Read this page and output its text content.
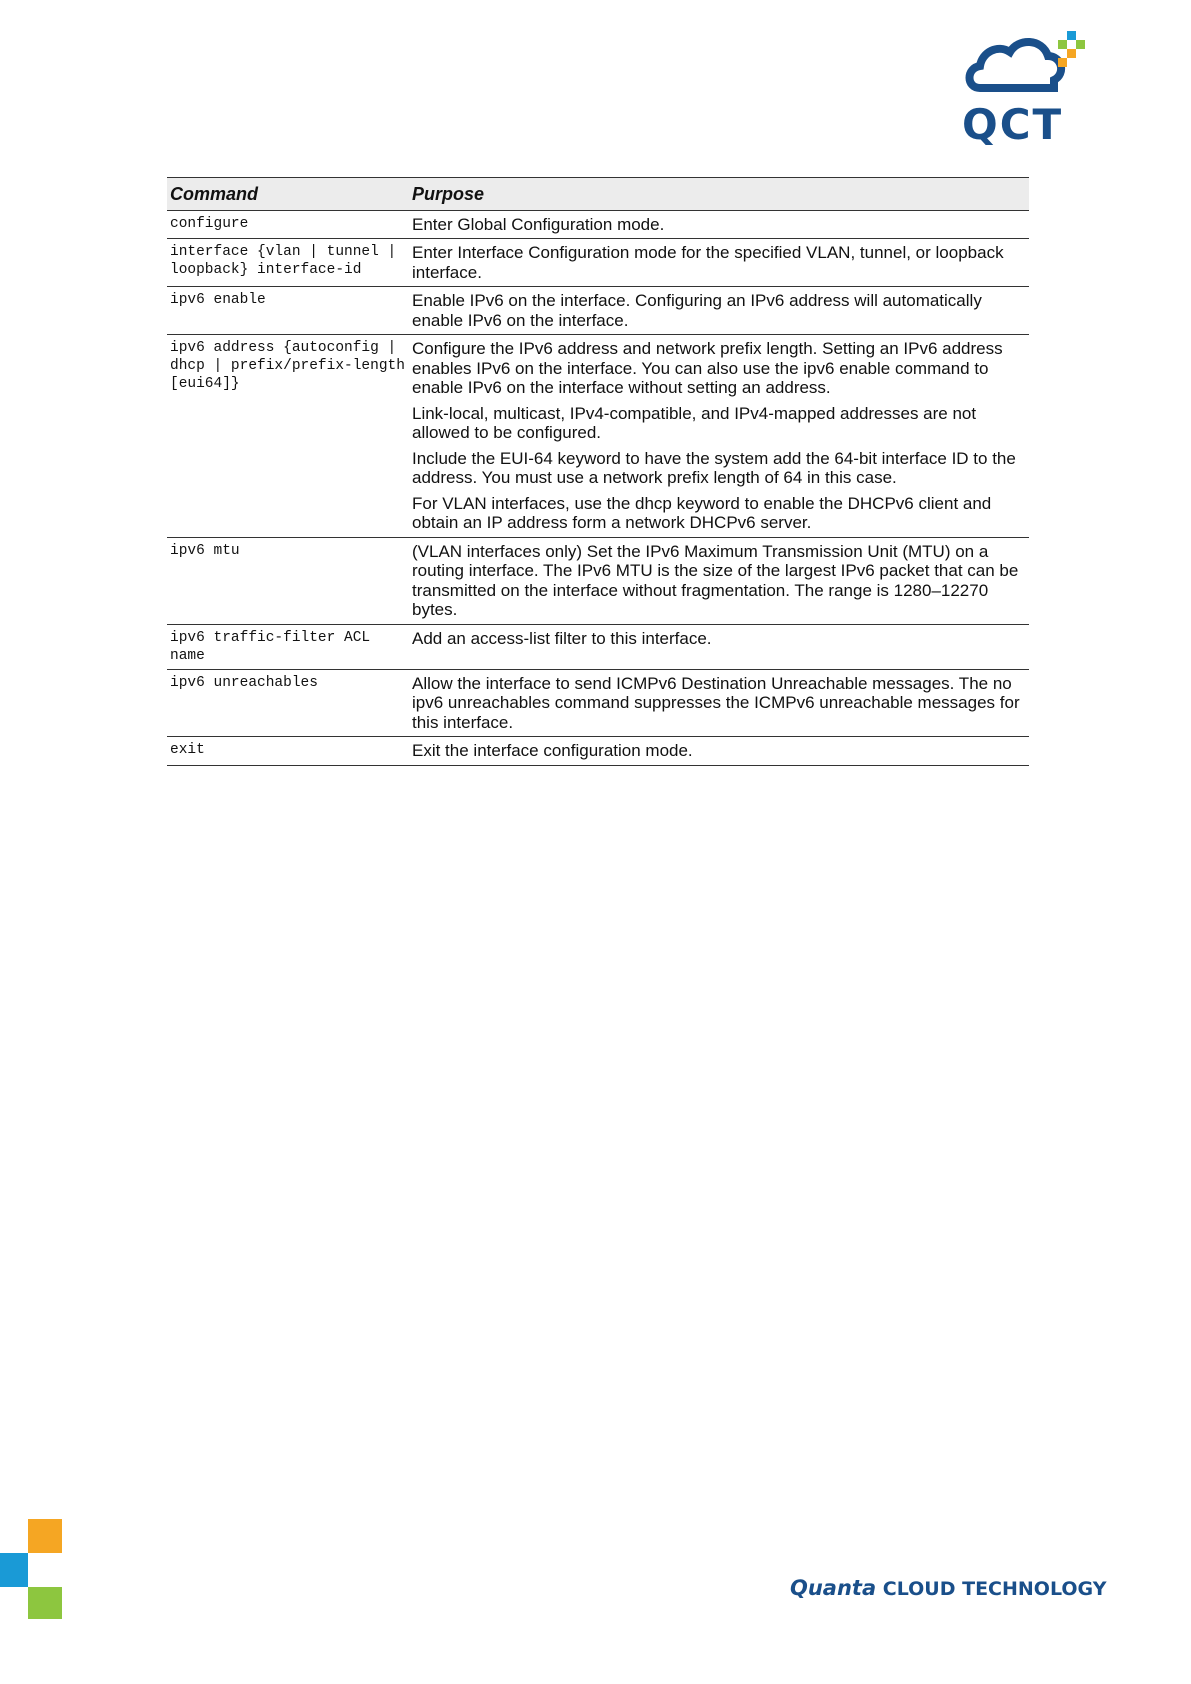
QCT
Command	Purpose
configure	Enter Global Configuration mode.

interface {vlan | tunnel | loopback} interface-id	Enter Interface Configuration mode for the specified VLAN, tunnel, or loopback interface.

ipv6 enable	Enable IPv6 on the interface. Configuring an IPv6 address will automatically enable IPv6 on the interface.

ipv6 address {autoconfig | dhcp | prefix/prefix-length [eui64]}	Configure the IPv6 address and network prefix length. Setting an IPv6 address enables IPv6 on the interface. You can also use the ipv6 enable command to enable IPv6 on the interface without setting an address.

Link-local, multicast, IPv4-compatible, and IPv4-mapped addresses are not allowed to be configured.

Include the EUI-64 keyword to have the system add the 64-bit interface ID to the address. You must use a network prefix length of 64 in this case.

For VLAN interfaces, use the dhcp keyword to enable the DHCPv6 client and obtain an IP address form a network DHCPv6 server.

ipv6 mtu	(VLAN interfaces only) Set the IPv6 Maximum Transmission Unit (MTU) on a routing interface. The IPv6 MTU is the size of the largest IPv6 packet that can be transmitted on the interface without fragmentation. The range is 1280–12270 bytes.

ipv6 traffic-filter ACL name	Add an access-list filter to this interface.

ipv6 unreachables	Allow the interface to send ICMPv6 Destination Unreachable messages. The no ipv6 unreachables command suppresses the ICMPv6 unreachable messages for this interface.

exit	Exit the interface configuration mode.

Quanta CLOUD TECHNOLOGY
